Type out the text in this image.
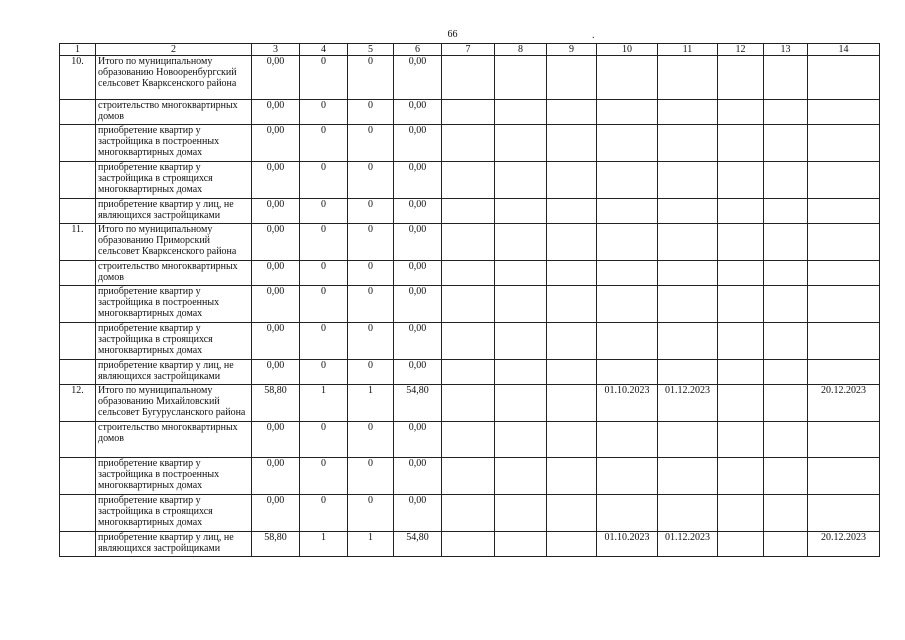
66	.
1	2	3	4	5	6	7	8	9	10	11	12	13	14
10.	Итого по муниципальному образованию Новооренбургский сельсовет Кварксенского района	0,00	0	0	0,00								
	строительство многоквартирных домов	0,00	0	0	0,00								
	приобретение квартир у застройщика в построенных многоквартирных домах	0,00	0	0	0,00								
	приобретение квартир у застройщика в строящихся многоквартирных домах	0,00	0	0	0,00								
	приобретение квартир у лиц, не являющихся застройщиками	0,00	0	0	0,00								
11.	Итого по муниципальному образованию Приморский сельсовет Кварксенского района	0,00	0	0	0,00								
	строительство многоквартирных домов	0,00	0	0	0,00								
	приобретение квартир у застройщика в построенных многоквартирных домах	0,00	0	0	0,00								
	приобретение квартир у застройщика в строящихся многоквартирных домах	0,00	0	0	0,00								
	приобретение квартир у лиц, не являющихся застройщиками	0,00	0	0	0,00								
12.	Итого по муниципальному образованию Михайловский сельсовет Бугурусланского района	58,80	1	1	54,80				01.10.2023	01.12.2023			20.12.2023
	строительство многоквартирных домов	0,00	0	0	0,00								
	приобретение квартир у застройщика в построенных многоквартирных домах	0,00	0	0	0,00								
	приобретение квартир у застройщика в строящихся многоквартирных домах	0,00	0	0	0,00								
	приобретение квартир у лиц, не являющихся застройщиками	58,80	1	1	54,80				01.10.2023	01.12.2023			20.12.2023
